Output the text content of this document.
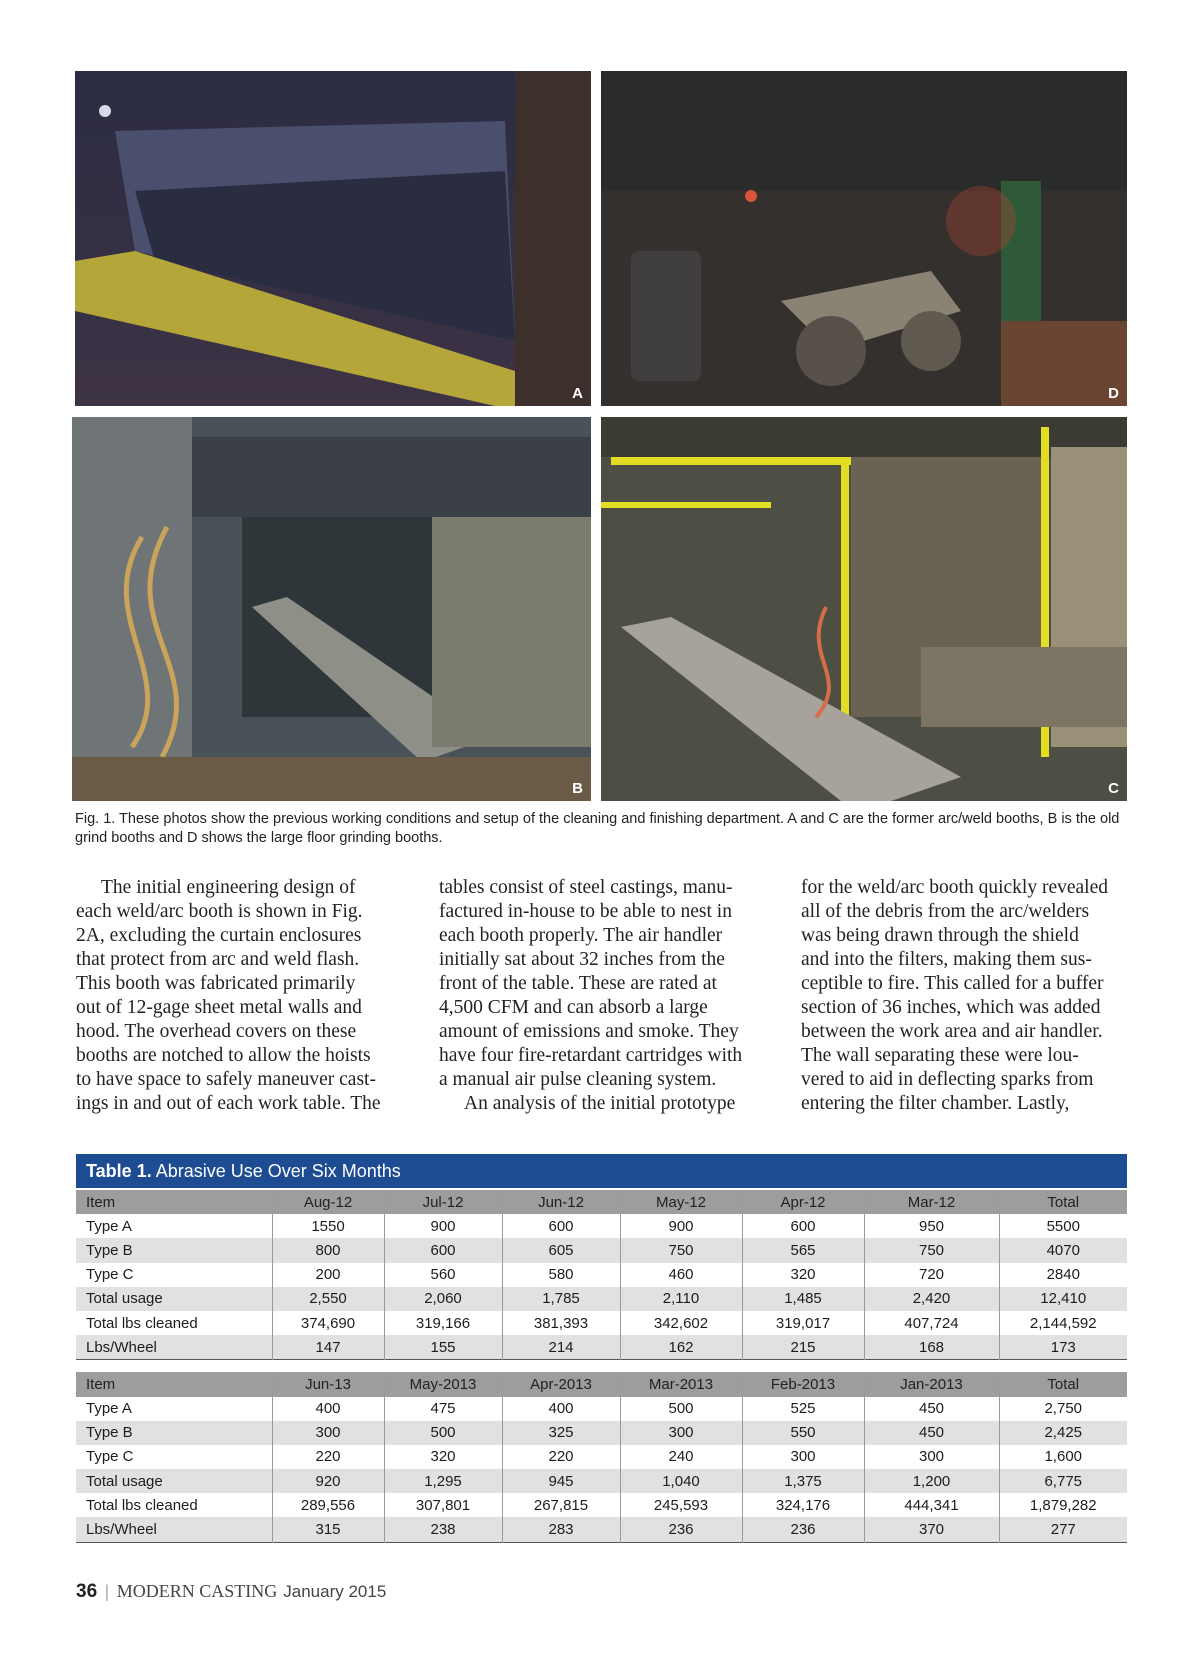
A	D
B	C
Fig. 1. These photos show the previous working conditions and setup of the cleaning and finishing department. A and C are the former arc/weld booths, B is the old grind booths and D shows the large floor grinding booths.
The initial engineering design of
each weld/arc booth is shown in Fig.
2A, excluding the curtain enclosures
that protect from arc and weld flash.
This booth was fabricated primarily
out of 12-gage sheet metal walls and
hood. The overhead covers on these
booths are notched to allow the hoists
to have space to safely maneuver cast-
ings in and out of each work table. The
tables consist of steel castings, manu-
factured in-house to be able to nest in
each booth properly. The air handler
initially sat about 32 inches from the
front of the table. These are rated at
4,500 CFM and can absorb a large
amount of emissions and smoke. They
have four fire-retardant cartridges with
a manual air pulse cleaning system.
An analysis of the initial prototype
for the weld/arc booth quickly revealed
all of the debris from the arc/welders
was being drawn through the shield
and into the filters, making them sus-
ceptible to fire. This called for a buffer
section of 36 inches, which was added
between the work area and air handler.
The wall separating these were lou-
vered to aid in deflecting sparks from
entering the filter chamber. Lastly,
Table 1. Abrasive Use Over Six Months
Item	Aug-12	Jul-12	Jun-12	May-12	Apr-12	Mar-12	Total
Type A	1550	900	600	900	600	950	5500
Type B	800	600	605	750	565	750	4070
Type C	200	560	580	460	320	720	2840
Total usage	2,550	2,060	1,785	2,110	1,485	2,420	12,410
Total lbs cleaned	374,690	319,166	381,393	342,602	319,017	407,724	2,144,592
Lbs/Wheel	147	155	214	162	215	168	173
Item	Jun-13	May-2013	Apr-2013	Mar-2013	Feb-2013	Jan-2013	Total
Type A	400	475	400	500	525	450	2,750
Type B	300	500	325	300	550	450	2,425
Type C	220	320	220	240	300	300	1,600
Total usage	920	1,295	945	1,040	1,375	1,200	6,775
Total lbs cleaned	289,556	307,801	267,815	245,593	324,176	444,341	1,879,282
Lbs/Wheel	315	238	283	236	236	370	277
36 | MODERN CASTING January 2015
